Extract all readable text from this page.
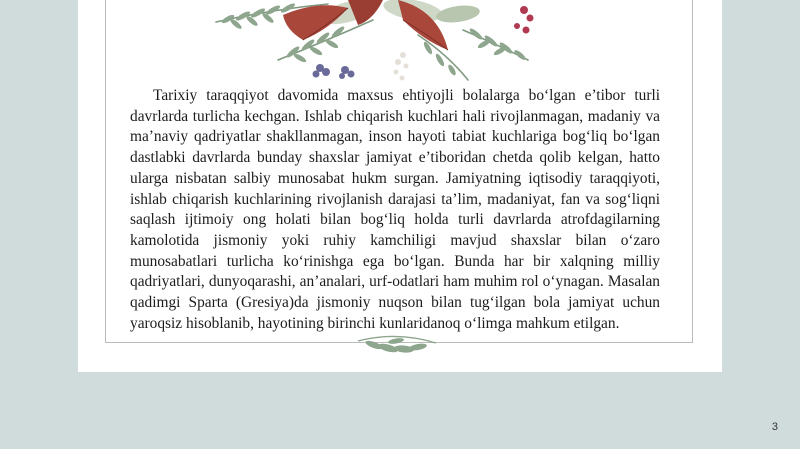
Tarixiy taraqqiyot davomida maxsus ehtiyojli bolalarga bo‘lgan e’tibor turli davrlarda turlicha kechgan. Ishlab chiqarish kuchlari hali rivojlanmagan, madaniy va ma’naviy qadriyatlar shakllanmagan, inson hayoti tabiat kuchlariga bog‘liq bo‘lgan dastlabki davrlarda bunday shaxslar jamiyat e’tiboridan chetda qolib kelgan, hatto ularga nisbatan salbiy munosabat hukm surgan. Jamiyatning iqtisodiy taraqqiyoti, ishlab chiqarish kuchlarining rivojlanish darajasi ta’lim, madaniyat, fan va sog‘liqni saqlash ijtimoiy ong holati bilan bog‘liq holda turli davrlarda atrofdagilarning kamolotida jismoniy yoki ruhiy kamchiligi mavjud shaxslar bilan o‘zaro munosabatlari turlicha ko‘rinishga ega bo‘lgan. Bunda har bir xalqning milliy qadriyatlari, dunyoqarashi, an’analari, urf-odatlari ham muhim rol o‘ynagan. Masalan qadimgi Sparta (Gresiya)da jismoniy nuqson bilan tug‘ilgan bola jamiyat uchun yaroqsiz hisoblanib, hayotining birinchi kunlaridanoq o‘limga mahkum etilgan.

3
